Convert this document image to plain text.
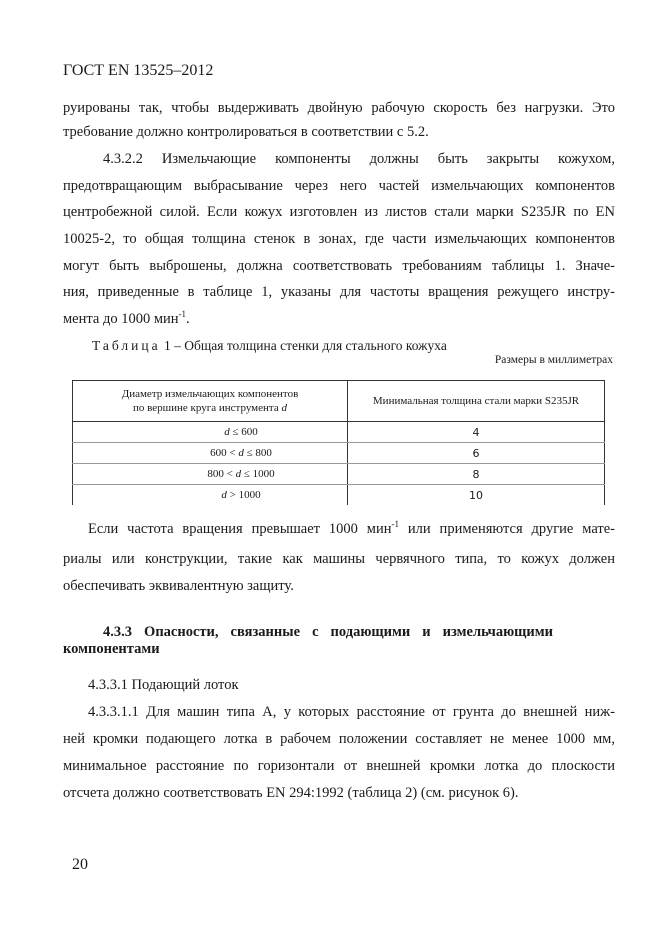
ГОСТ EN 13525–2012
руированы так, чтобы выдерживать двойную рабочую скорость без нагрузки. Это
требование должно контролироваться в соответствии с 5.2.
4.3.2.2 Измельчающие компоненты должны быть закрыты кожухом,
предотвращающим выбрасывание через него частей измельчающих компонентов
центробежной силой. Если кожух изготовлен из листов стали марки S235JR по EN
10025-2, то общая толщина стенок в зонах, где части измельчающих компонентов
могут быть выброшены, должна соответствовать требованиям таблицы 1. Значе-
ния, приведенные в таблице 1, указаны для частоты вращения режущего инстру-
мента до 1000 мин$^{-1}$.
Таблица 1 – Общая толщина стенки для стального кожуха
Размеры в миллиметрах
Диаметр измельчающих компонентов
по вершине круга инструмента d	Минимальная толщина стали марки S235JR
d ≤ 600	4
600 < d ≤ 800	6
800 < d ≤ 1000	8
d > 1000	10
Если частота вращения превышает 1000 мин$^{-1}$ или применяются другие мате-
риалы или конструкции, такие как машины червячного типа, то кожух должен
обеспечивать эквивалентную защиту.
4.3.3 Опасности, связанные с подающими и измельчающими
компонентами
4.3.3.1 Подающий лоток
4.3.3.1.1 Для машин типа A, у которых расстояние от грунта до внешней ниж-
ней кромки подающего лотка в рабочем положении составляет не менее 1000 мм,
минимальное расстояние по горизонтали от внешней кромки лотка до плоскости
отсчета должно соответствовать EN 294:1992 (таблица 2) (см. рисунок 6).
20
